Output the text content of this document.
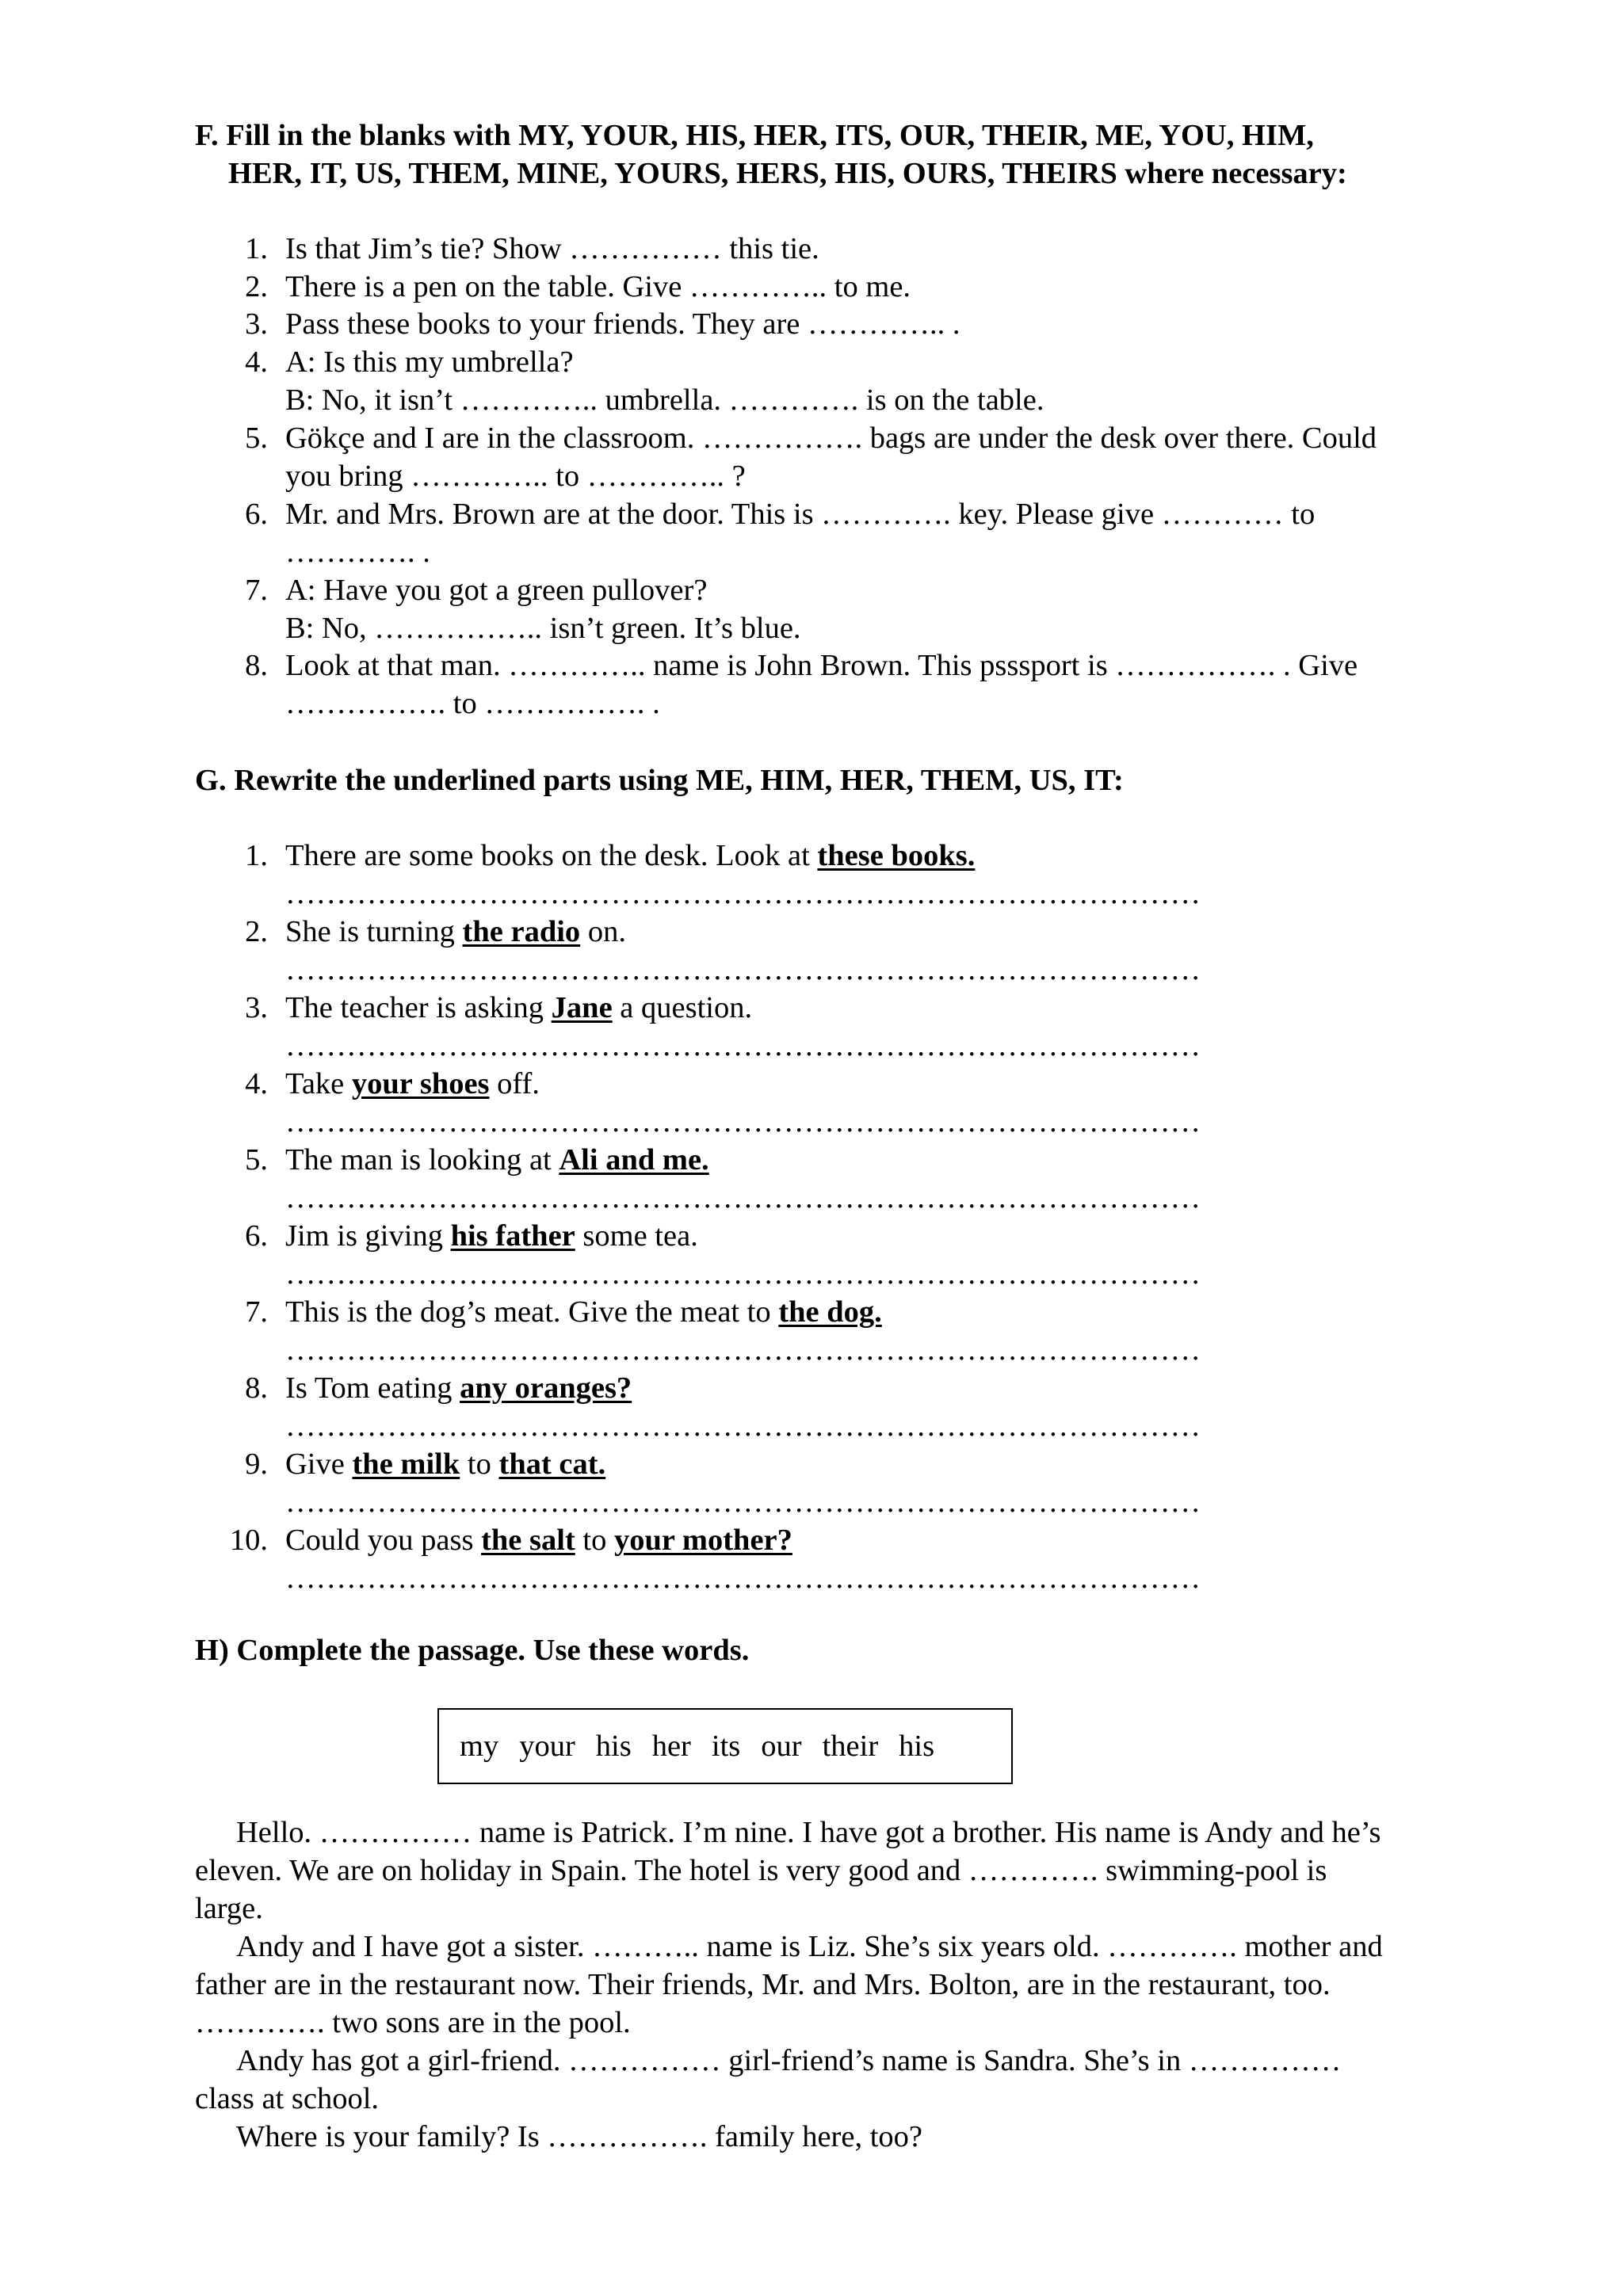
F. Fill in the blanks with MY, YOUR, HIS, HER, ITS, OUR, THEIR, ME, YOU, HIM,
HER, IT, US, THEM, MINE, YOURS, HERS, HIS, OURS, THEIRS where necessary:
1. Is that Jim’s tie? Show …………… this tie.
2. There is a pen on the table. Give ………….. to me.
3. Pass these books to your friends. They are ………….. .
4. A: Is this my umbrella?
B: No, it isn’t ………….. umbrella. …………. is on the table.
5. Gökçe and I are in the classroom. ……………. bags are under the desk over there. Could
you bring ………….. to ………….. ?
6. Mr. and Mrs. Brown are at the door. This is …………. key. Please give ………… to
…………. .
7. A: Have you got a green pullover?
B: No, …………….. isn’t green. It’s blue.
8. Look at that man. ………….. name is John Brown. This psssport is ……………. . Give
……………. to ……………. .
G. Rewrite the underlined parts using ME, HIM, HER, THEM, US, IT:
1. There are some books on the desk. Look at these books.
………………………………………………………………………………
2. She is turning the radio on.
………………………………………………………………………………
3. The teacher is asking Jane a question.
………………………………………………………………………………
4. Take your shoes off.
………………………………………………………………………………
5. The man is looking at Ali and me.
………………………………………………………………………………
6. Jim is giving his father some tea.
………………………………………………………………………………
7. This is the dog’s meat. Give the meat to the dog.
………………………………………………………………………………
8. Is Tom eating any oranges?
………………………………………………………………………………
9. Give the milk to that cat.
………………………………………………………………………………
10. Could you pass the salt to your mother?
………………………………………………………………………………
H) Complete the passage. Use these words.
my your his her its our their his
Hello. …………… name is Patrick. I’m nine. I have got a brother. His name is Andy and he’s
eleven. We are on holiday in Spain. The hotel is very good and …………. swimming-pool is
large.
Andy and I have got a sister. ……….. name is Liz. She’s six years old. …………. mother and
father are in the restaurant now. Their friends, Mr. and Mrs. Bolton, are in the restaurant, too.
…………. two sons are in the pool.
Andy has got a girl-friend. …………… girl-friend’s name is Sandra. She’s in ……………
class at school.
Where is your family? Is ……………. family here, too?
